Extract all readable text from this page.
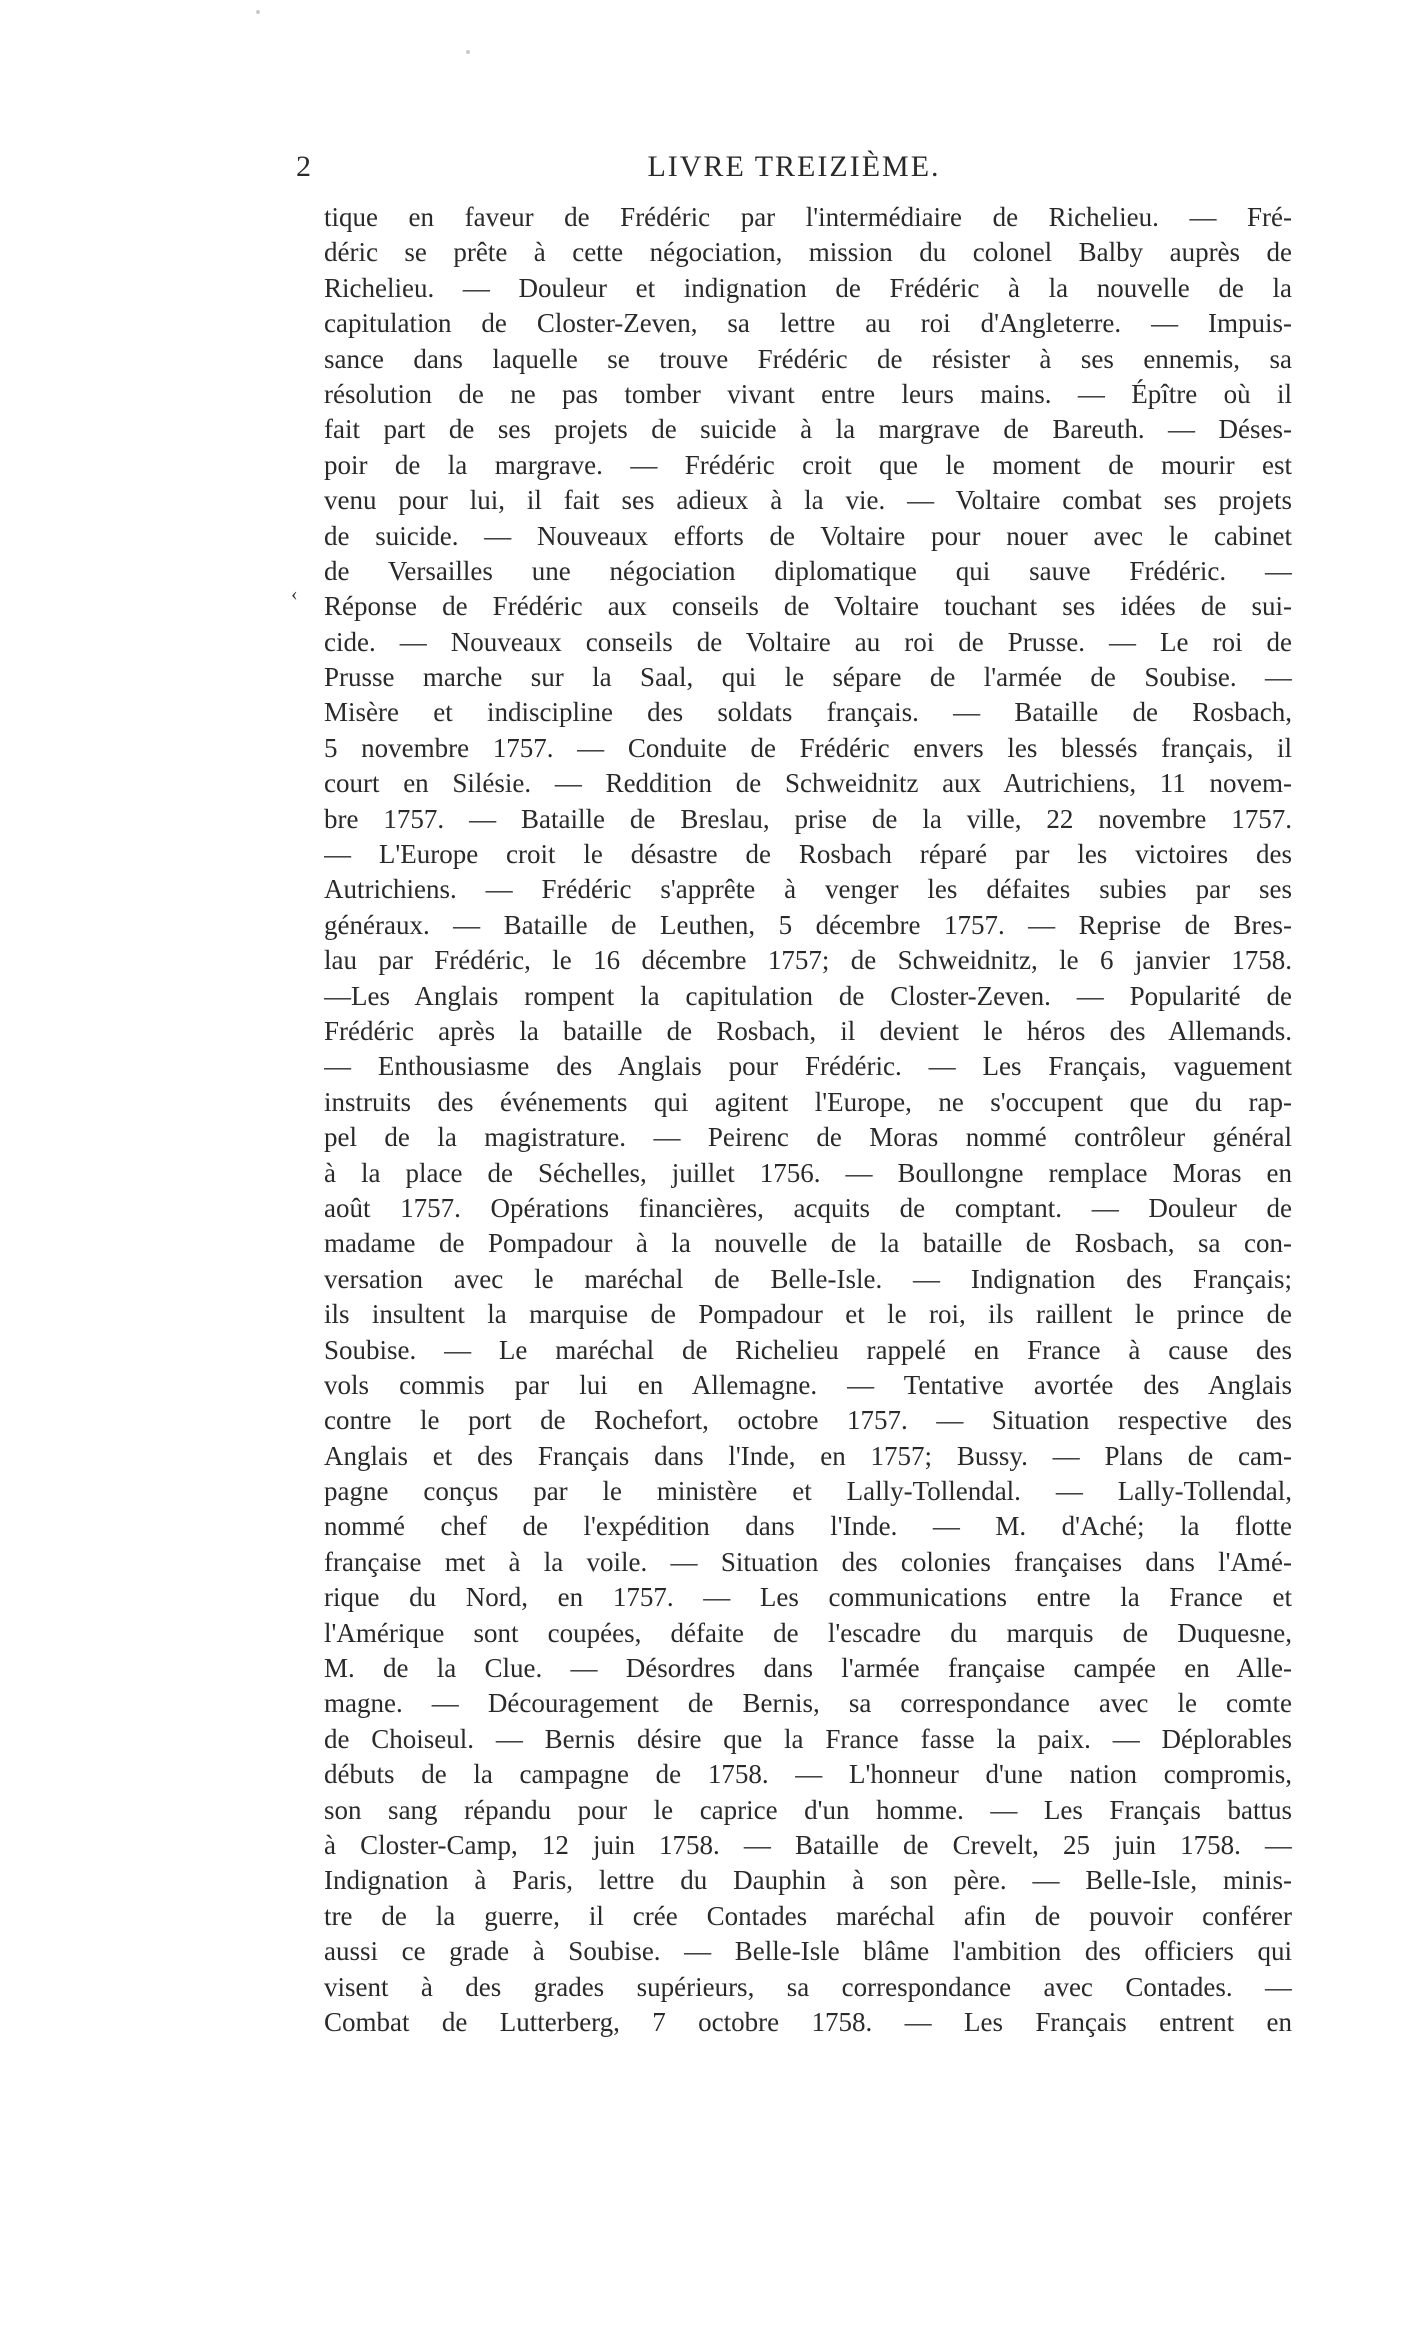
2	LIVRE TREIZIÈME.
‹
tique en faveur de Frédéric par l'intermédiaire de Richelieu. — Fré-
déric se prête à cette négociation, mission du colonel Balby auprès de
Richelieu. — Douleur et indignation de Frédéric à la nouvelle de la
capitulation de Closter-Zeven, sa lettre au roi d'Angleterre. — Impuis-
sance dans laquelle se trouve Frédéric de résister à ses ennemis, sa
résolution de ne pas tomber vivant entre leurs mains. — Épître où il
fait part de ses projets de suicide à la margrave de Bareuth. — Déses-
poir de la margrave. — Frédéric croit que le moment de mourir est
venu pour lui, il fait ses adieux à la vie. — Voltaire combat ses projets
de suicide. — Nouveaux efforts de Voltaire pour nouer avec le cabinet
de Versailles une négociation diplomatique qui sauve Frédéric. —
Réponse de Frédéric aux conseils de Voltaire touchant ses idées de sui-
cide. — Nouveaux conseils de Voltaire au roi de Prusse. — Le roi de
Prusse marche sur la Saal, qui le sépare de l'armée de Soubise. —
Misère et indiscipline des soldats français. — Bataille de Rosbach,
5 novembre 1757. — Conduite de Frédéric envers les blessés français, il
court en Silésie. — Reddition de Schweidnitz aux Autrichiens, 11 novem-
bre 1757. — Bataille de Breslau, prise de la ville, 22 novembre 1757.
— L'Europe croit le désastre de Rosbach réparé par les victoires des
Autrichiens. — Frédéric s'apprête à venger les défaites subies par ses
généraux. — Bataille de Leuthen, 5 décembre 1757. — Reprise de Bres-
lau par Frédéric, le 16 décembre 1757; de Schweidnitz, le 6 janvier 1758.
—Les Anglais rompent la capitulation de Closter-Zeven. — Popularité de
Frédéric après la bataille de Rosbach, il devient le héros des Allemands.
— Enthousiasme des Anglais pour Frédéric. — Les Français, vaguement
instruits des événements qui agitent l'Europe, ne s'occupent que du rap-
pel de la magistrature. — Peirenc de Moras nommé contrôleur général
à la place de Séchelles, juillet 1756. — Boullongne remplace Moras en
août 1757. Opérations financières, acquits de comptant. — Douleur de
madame de Pompadour à la nouvelle de la bataille de Rosbach, sa con-
versation avec le maréchal de Belle-Isle. — Indignation des Français;
ils insultent la marquise de Pompadour et le roi, ils raillent le prince de
Soubise. — Le maréchal de Richelieu rappelé en France à cause des
vols commis par lui en Allemagne. — Tentative avortée des Anglais
contre le port de Rochefort, octobre 1757. — Situation respective des
Anglais et des Français dans l'Inde, en 1757; Bussy. — Plans de cam-
pagne conçus par le ministère et Lally-Tollendal. — Lally-Tollendal,
nommé chef de l'expédition dans l'Inde. — M. d'Aché; la flotte
française met à la voile. — Situation des colonies françaises dans l'Amé-
rique du Nord, en 1757. — Les communications entre la France et
l'Amérique sont coupées, défaite de l'escadre du marquis de Duquesne,
M. de la Clue. — Désordres dans l'armée française campée en Alle-
magne. — Découragement de Bernis, sa correspondance avec le comte
de Choiseul. — Bernis désire que la France fasse la paix. — Déplorables
débuts de la campagne de 1758. — L'honneur d'une nation compromis,
son sang répandu pour le caprice d'un homme. — Les Français battus
à Closter-Camp, 12 juin 1758. — Bataille de Crevelt, 25 juin 1758. —
Indignation à Paris, lettre du Dauphin à son père. — Belle-Isle, minis-
tre de la guerre, il crée Contades maréchal afin de pouvoir conférer
aussi ce grade à Soubise. — Belle-Isle blâme l'ambition des officiers qui
visent à des grades supérieurs, sa correspondance avec Contades. —
Combat de Lutterberg, 7 octobre 1758. — Les Français entrent en
